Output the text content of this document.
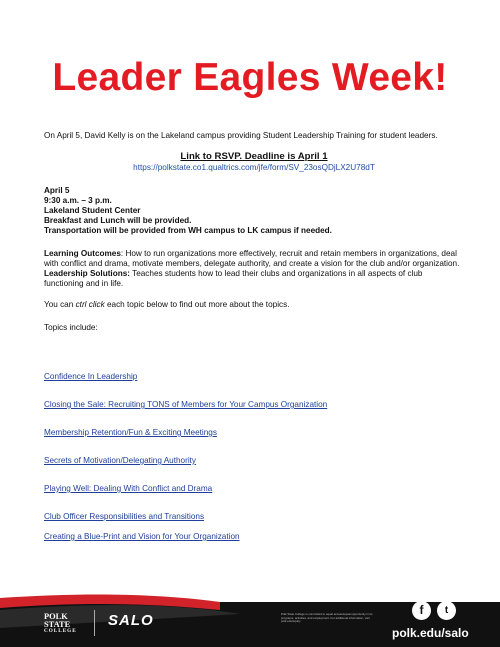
Leader Eagles Week!

On April 5, David Kelly is on the Lakeland campus providing Student Leadership Training for student leaders.

Link to RSVP. Deadline is April 1
https://polkstate.co1.qualtrics.com/jfe/form/SV_23osQDjLX2U78dT
April 5
9:30 a.m. – 3 p.m.
Lakeland Student Center
Breakfast and Lunch will be provided.
Transportation will be provided from WH campus to LK campus if needed.
Learning Outcomes: How to run organizations more effectively, recruit and retain members in organizations, deal with conflict and drama, motivate members, delegate authority, and create a vision for the club and/or organization.
Leadership Solutions: Teaches students how to lead their clubs and organizations in all aspects of club functioning and in life.
You can ctrl click each topic below to find out more about the topics.
Topics include:
Confidence In Leadership
Closing the Sale: Recruiting TONS of Members for Your Campus Organization
Membership Retention/Fun & Exciting Meetings
Secrets of Motivation/Delegating Authority
Playing Well: Dealing With Conflict and Drama
Club Officer Responsibilities and Transitions
Creating a Blue-Print and Vision for Your Organization
POLK
STATE
COLLEGE
SALO	Polk State College is committed to equal access/equal opportunity in its programs, activities, and employment. For additional information, visit polk.edu/equity.
f	t
polk.edu/salo
